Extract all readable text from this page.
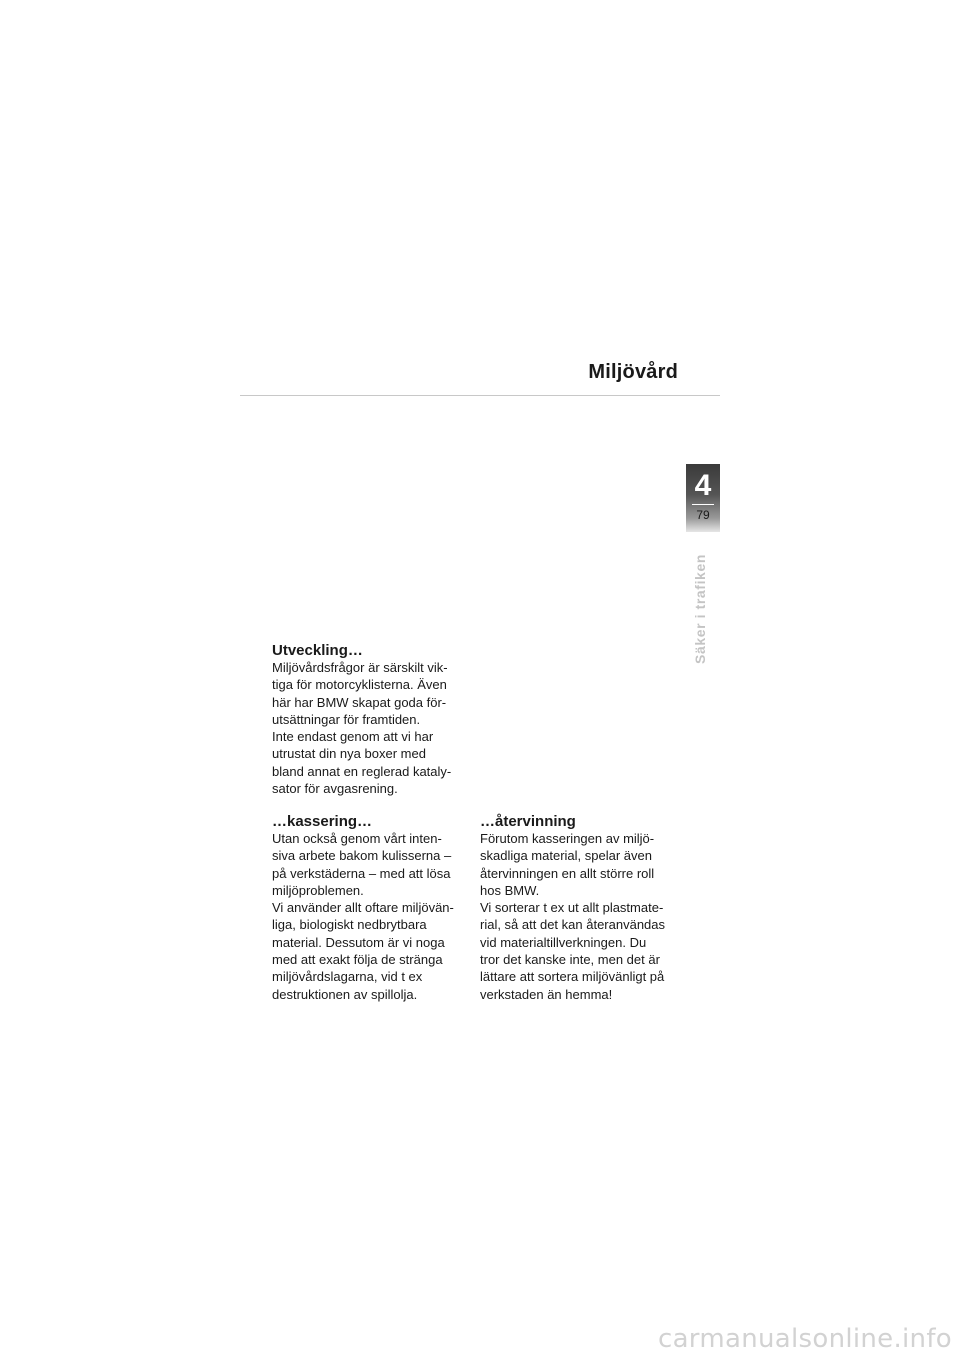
Miljövård
4
79
Säker i trafiken
Utveckling…

Miljövårdsfrågor är särskilt vik-
tiga för motorcyklisterna. Även
här har BMW skapat goda för-
utsättningar för framtiden.
Inte endast genom att vi har
utrustat din nya boxer med
bland annat en reglerad kataly-
sator för avgasrening.

…kassering…

Utan också genom vårt inten-
siva arbete bakom kulisserna –
på verkstäderna – med att lösa
miljöproblemen.
Vi använder allt oftare miljövän-
liga, biologiskt nedbrytbara
material. Dessutom är vi noga
med att exakt följa de stränga
miljövårdslagarna, vid t ex
destruktionen av spillolja.

…återvinning

Förutom kasseringen av miljö-
skadliga material, spelar även
återvinningen en allt större roll
hos BMW.
Vi sorterar t ex ut allt plastmate-
rial, så att det kan återanvändas
vid materialtillverkningen. Du
tror det kanske inte, men det är
lättare att sortera miljövänligt på
verkstaden än hemma!

carmanualsonline.info
